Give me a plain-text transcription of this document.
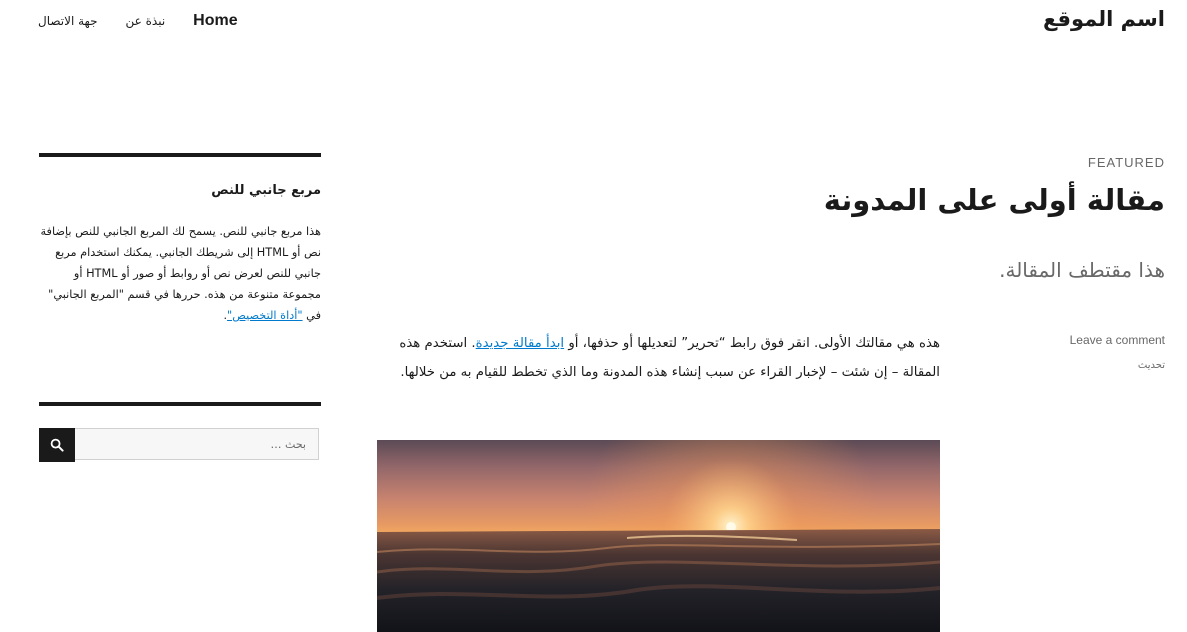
اسم الموقع
Home
نبذة عن
جهة الاتصال
FEATURED
مقالة أولى على المدونة

هذا مقتطف المقالة.

هذه هي مقالتك الأولى. انقر فوق رابط “تحرير” لتعديلها أو حذفها، أو ابدأ مقالة جديدة. استخدم هذه المقالة – إن شئت – لإخبار القراء عن سبب إنشاء هذه المدونة وما الذي تخطط للقيام به من خلالها.

Leave a comment
تحديث
مربع جانبي للنص

هذا مربع جانبي للنص. يسمح لك المربع الجانبي للنص بإضافة نص أو HTML إلى شريطك الجانبي. يمكنك استخدام مربع جانبي للنص لعرض نص أو روابط أو صور أو HTML أو مجموعة متنوعة من هذه. حررها في قسم "المربع الجانبي" في "أداة التخصيص".

بحث …
